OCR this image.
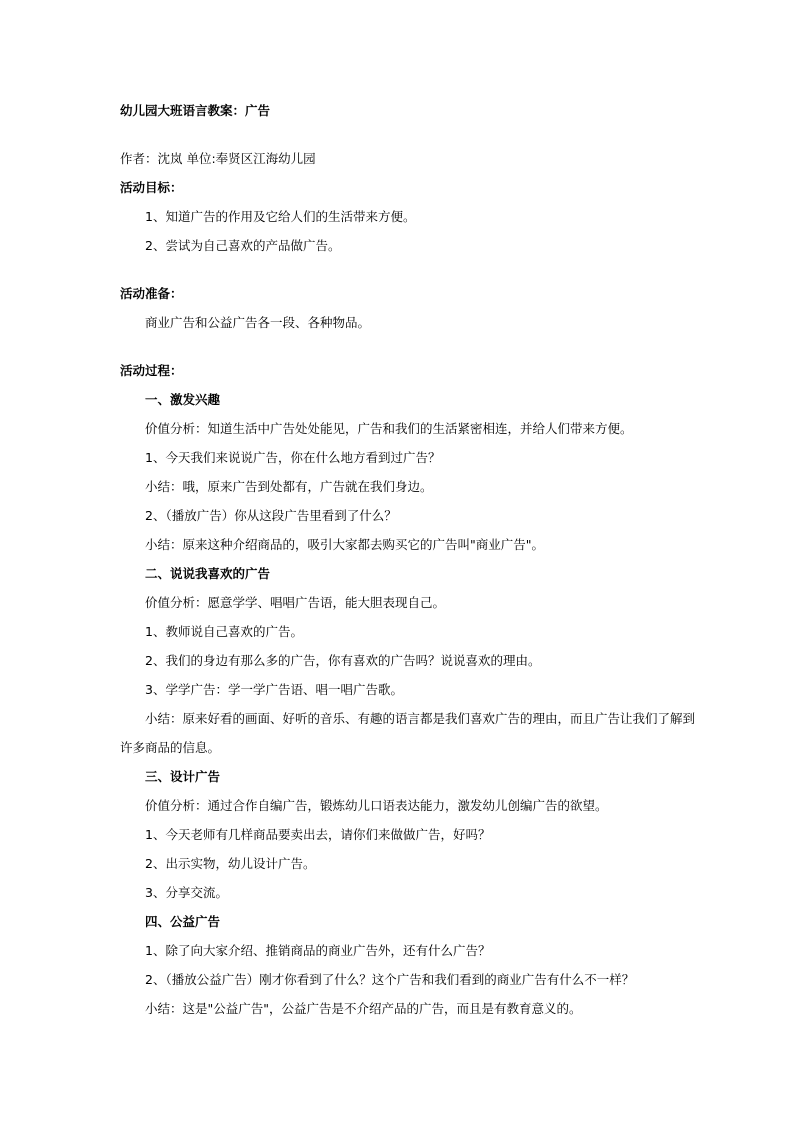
幼儿园大班语言教案：广告
作者：沈岚 单位:奉贤区江海幼儿园
活动目标：
1、知道广告的作用及它给人们的生活带来方便。
2、尝试为自己喜欢的产品做广告。
活动准备：
商业广告和公益广告各一段、各种物品。
活动过程：
一、激发兴趣
价值分析：知道生活中广告处处能见，广告和我们的生活紧密相连，并给人们带来方便。
1、今天我们来说说广告，你在什么地方看到过广告？
小结：哦，原来广告到处都有，广告就在我们身边。
2、（播放广告）你从这段广告里看到了什么？
小结：原来这种介绍商品的，吸引大家都去购买它的广告叫"商业广告"。
二、说说我喜欢的广告
价值分析：愿意学学、唱唱广告语，能大胆表现自己。
1、教师说自己喜欢的广告。
2、我们的身边有那么多的广告，你有喜欢的广告吗？说说喜欢的理由。
3、学学广告：学一学广告语、唱一唱广告歌。
小结：原来好看的画面、好听的音乐、有趣的语言都是我们喜欢广告的理由，而且广告让我们了解到
许多商品的信息。
三、设计广告
价值分析：通过合作自编广告，锻炼幼儿口语表达能力，激发幼儿创编广告的欲望。
1、今天老师有几样商品要卖出去，请你们来做做广告，好吗？
2、出示实物，幼儿设计广告。
3、分享交流。
四、公益广告
1、除了向大家介绍、推销商品的商业广告外，还有什么广告？
2、（播放公益广告）刚才你看到了什么？这个广告和我们看到的商业广告有什么不一样？
小结：这是"公益广告"，公益广告是不介绍产品的广告，而且是有教育意义的。
